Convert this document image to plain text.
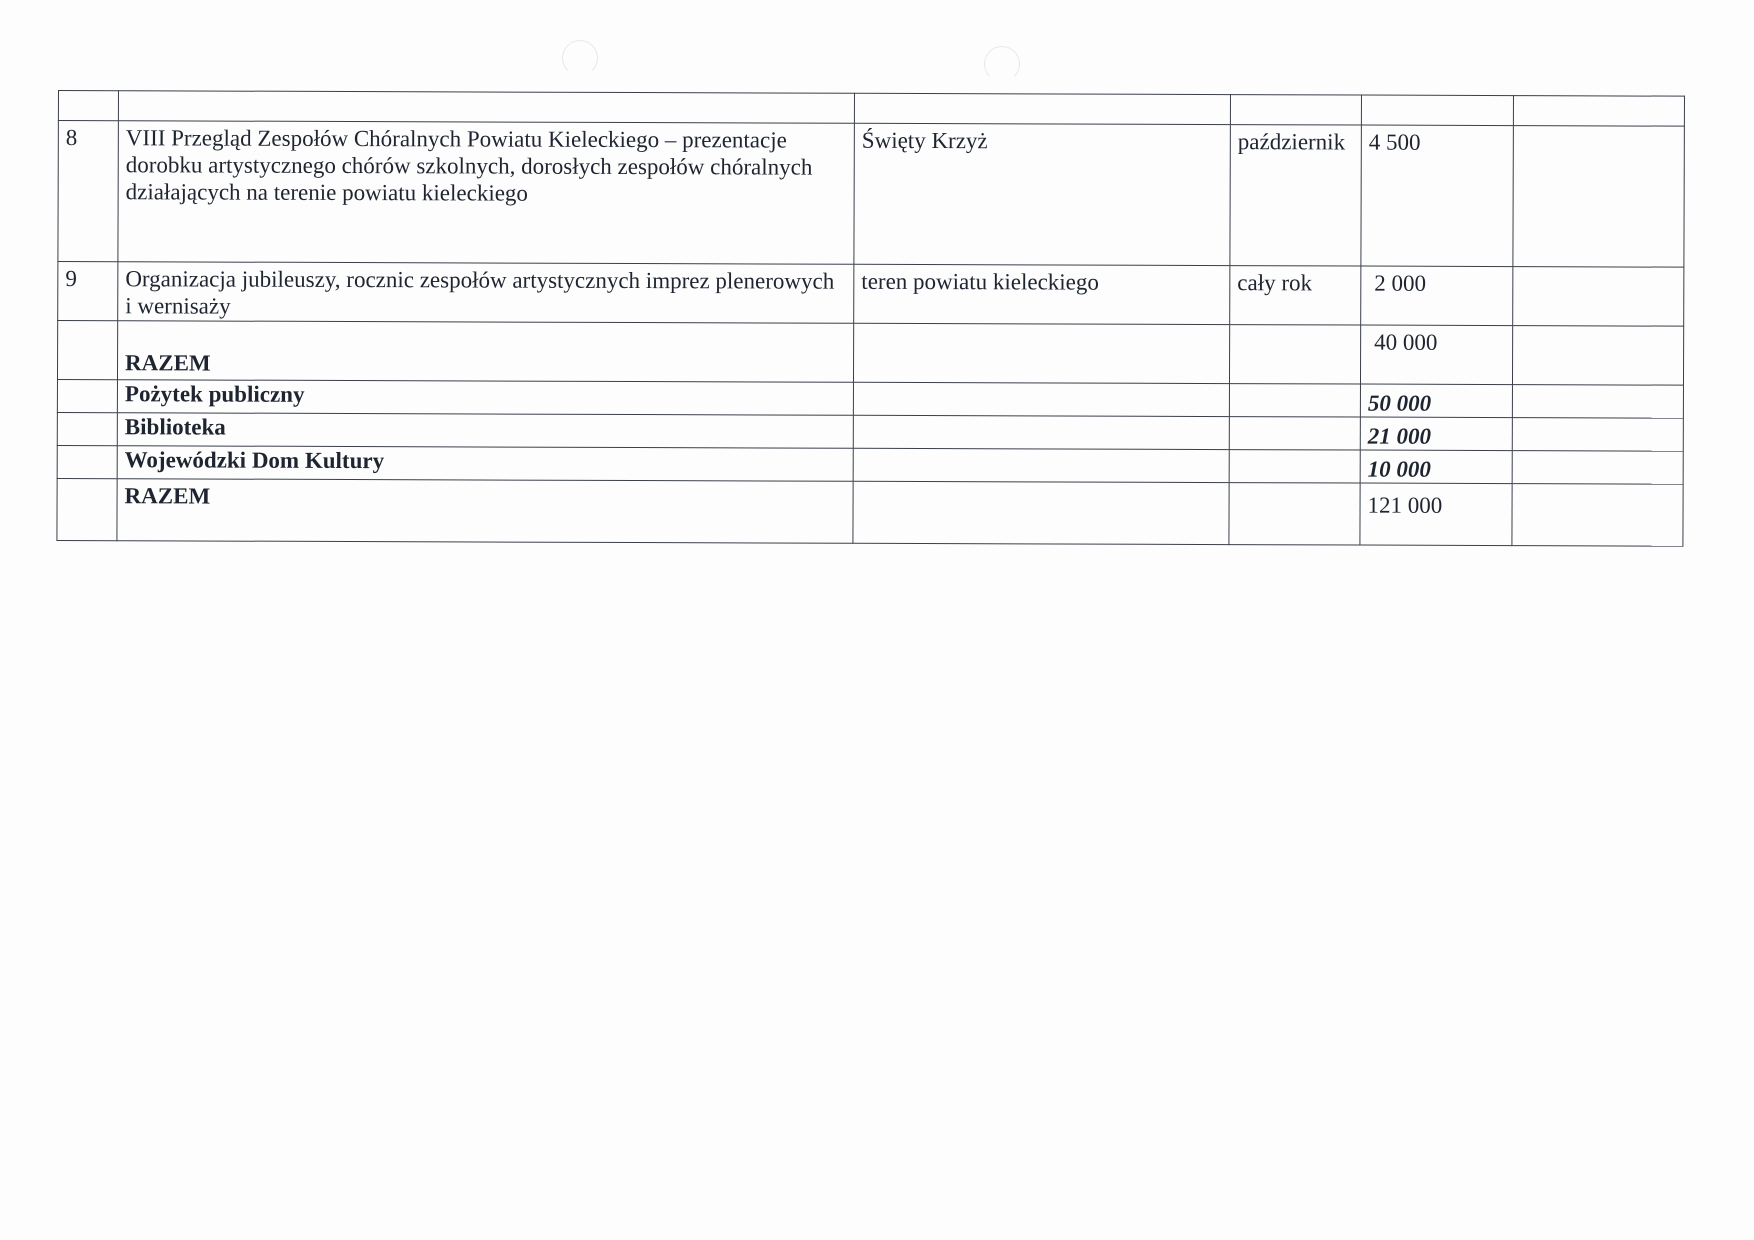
8	VIII Przegląd Zespołów Chóralnych Powiatu Kieleckiego – prezentacje dorobku artystycznego chórów szkolnych, dorosłych zespołów chóralnych działających na terenie powiatu kieleckiego	Święty Krzyż	październik	4 500	
9	Organizacja jubileuszy, rocznic zespołów artystycznych imprez plenerowych i wernisaży	teren powiatu kieleckiego	cały rok	2 000	

	RAZEM			40 000	
	Pożytek publiczny			50 000	

	Biblioteka			21 000	

	Wojewódzki Dom Kultury			10 000	

	RAZEM			121 000	
